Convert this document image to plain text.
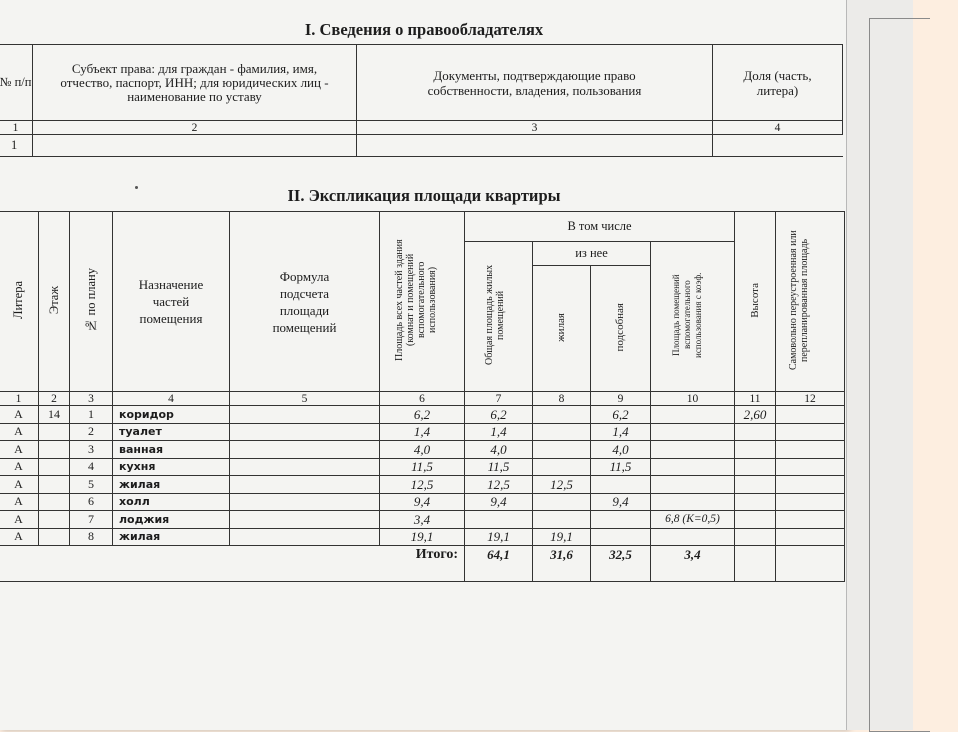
I. Сведения о правообладателях
№ п/п	Субъект права: для граждан - фамилия, имя, отчество, паспорт, ИНН; для юридических лиц - наименование по уставу	Документы, подтверждающие право собственности, владения, пользования	Доля (часть, литера)
1	2	3	4
1			
II. Экспликация площади квартиры
Литера	Этаж	№ по плану	Назначение частей помещения	Формула подсчета площади помещений	Площадь всех частей здания (комнат и помещений вспомогательного использования)	В том числе				Высота	Самовольно переустроенная или перепланированная площадь
						Общая площадь жилых помещений	из нее		Площадь помещений вспомогательного использования с коэф.		
							жилая	подсобная			
1	2	3	4	5	6	7	8	9	10	11	12
А	14	1	коридор		6,2	6,2		6,2		2,60	
А		2	туалет		1,4	1,4		1,4			
А		3	ванная		4,0	4,0		4,0			
А		4	кухня		11,5	11,5		11,5			
А		5	жилая		12,5	12,5	12,5				
А		6	холл		9,4	9,4		9,4			
А		7	лоджия		3,4				6,8 (K=0,5)		
А		8	жилая		19,1	19,1	19,1				
Итого:						64,1	31,6	32,5	3,4		
